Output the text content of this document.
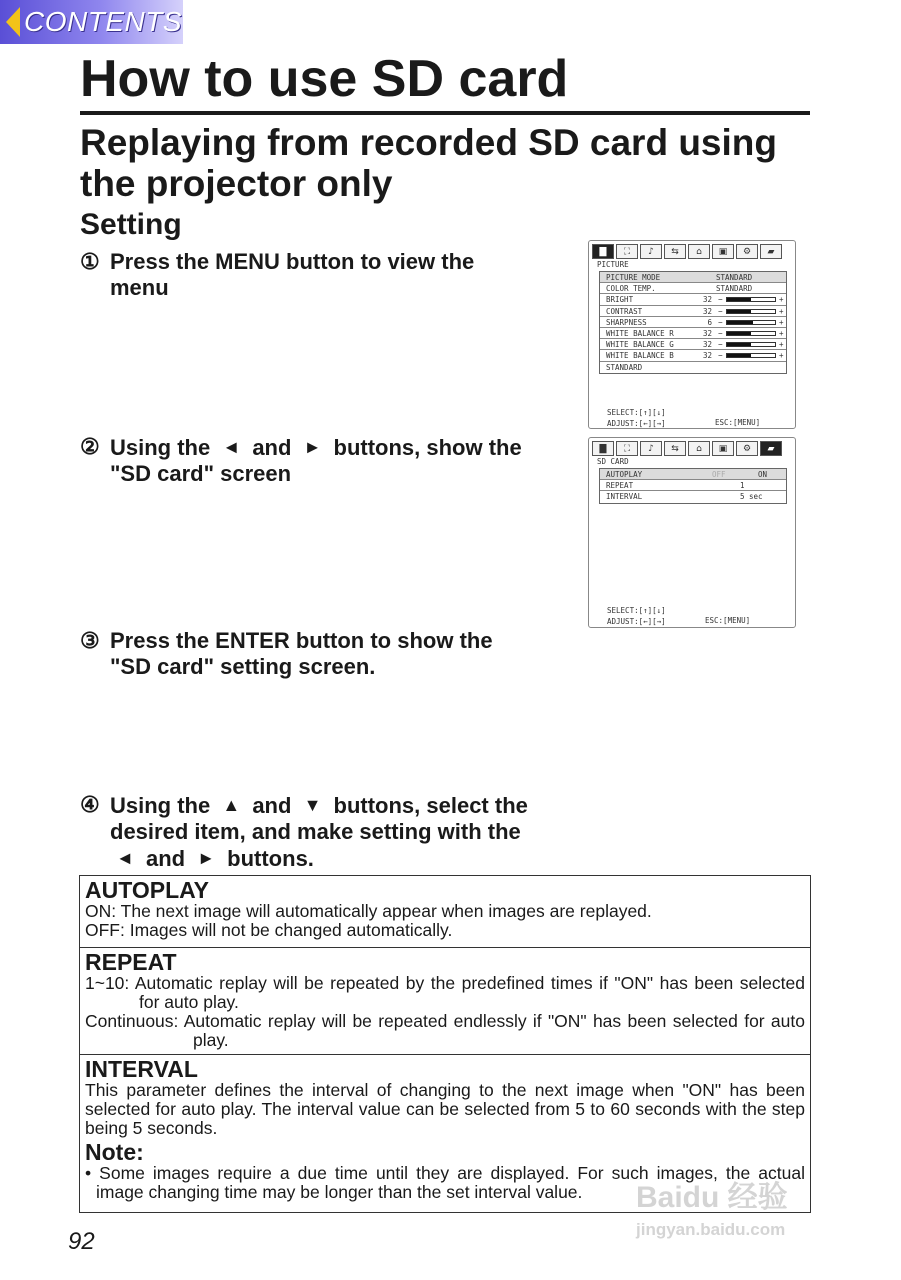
CONTENTS
How to use SD card
Replaying from recorded SD card using
the projector only
Setting
① Press the MENU button to view the
menu
② Using the ◄ and ► buttons, show the
"SD card" screen
③ Press the ENTER button to show the
"SD card" setting screen.
④ Using the ▲ and ▼ buttons, select the
desired item, and make setting with the
◄ and ► buttons.
▇	⛶	♪	⇆	⌂	▣	⚙	▰
PICTURE
PICTURE MODE	STANDARD
COLOR TEMP.	STANDARD
BRIGHT	32 −	+
CONTRAST	32 −	+
SHARPNESS	6 −	+
WHITE BALANCE R	32 −	+
WHITE BALANCE G	32 −	+
WHITE BALANCE B	32 −	+
STANDARD
SELECT:[↑][↓]
ADJUST:[←][→]	ESC:[MENU]
▇	⛶	♪	⇆	⌂	▣	⚙	▰
SD CARD
AUTOPLAY	OFF	ON
REPEAT	1
INTERVAL	5 sec
SELECT:[↑][↓]
ADJUST:[←][→]	ESC:[MENU]
AUTOPLAY

ON: The next image will automatically appear when images are replayed.

OFF: Images will not be changed automatically.

REPEAT

1~10: Automatic replay will be repeated by the predefined times if "ON" has been selected for auto play.

Continuous: Automatic replay will be repeated endlessly if "ON" has been selected for auto play.

INTERVAL

This parameter defines the interval of changing to the next image when "ON" has been selected for auto play. The interval value can be selected from 5 to 60 seconds with the step being 5 seconds.

Note:

• Some images require a due time until they are displayed. For such images, the actual image changing time may be longer than the set interval value.

92
Baidu 经验
jingyan.baidu.com
